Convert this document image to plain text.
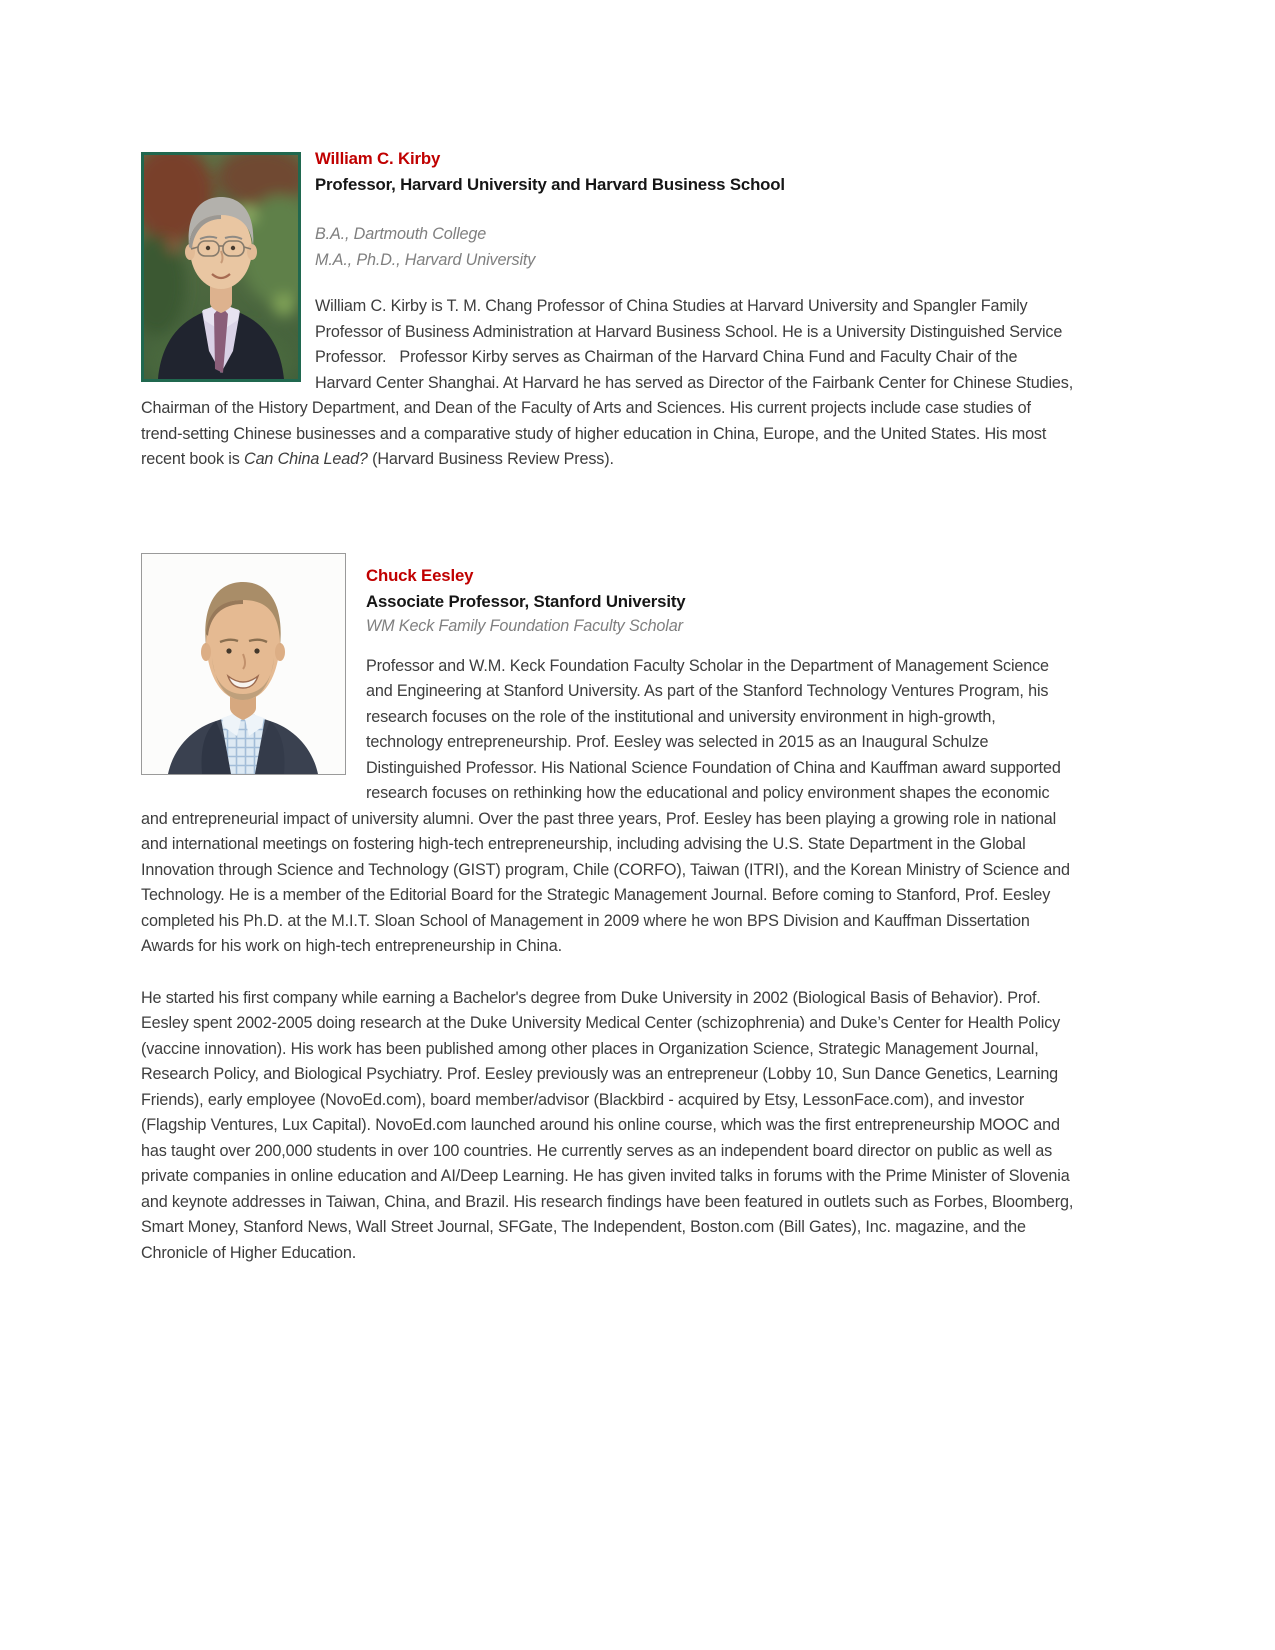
William C. Kirby
Professor, Harvard University and Harvard Business School
B.A., Dartmouth College
M.A., Ph.D., Harvard University

William C. Kirby is T. M. Chang Professor of China Studies at Harvard University and Spangler Family Professor of Business Administration at Harvard Business School. He is a University Distinguished Service Professor.   Professor Kirby serves as Chairman of the Harvard China Fund and Faculty Chair of the Harvard Center Shanghai. At Harvard he has served as Director of the Fairbank Center for Chinese Studies, Chairman of the History Department, and Dean of the Faculty of Arts and Sciences. His current projects include case studies of trend-setting Chinese businesses and a comparative study of higher education in China, Europe, and the United States. His most recent book is Can China Lead? (Harvard Business Review Press).

Chuck Eesley
Associate Professor, Stanford University
WM Keck Family Foundation Faculty Scholar

Professor and W.M. Keck Foundation Faculty Scholar in the Department of Management Science and Engineering at Stanford University. As part of the Stanford Technology Ventures Program, his research focuses on the role of the institutional and university environment in high-growth, technology entrepreneurship. Prof. Eesley was selected in 2015 as an Inaugural Schulze Distinguished Professor. His National Science Foundation of China and Kauffman award supported research focuses on rethinking how the educational and policy environment shapes the economic and entrepreneurial impact of university alumni. Over the past three years, Prof. Eesley has been playing a growing role in national and international meetings on fostering high-tech entrepreneurship, including advising the U.S. State Department in the Global Innovation through Science and Technology (GIST) program, Chile (CORFO), Taiwan (ITRI), and the Korean Ministry of Science and Technology. He is a member of the Editorial Board for the Strategic Management Journal. Before coming to Stanford, Prof. Eesley completed his Ph.D. at the M.I.T. Sloan School of Management in 2009 where he won BPS Division and Kauffman Dissertation Awards for his work on high-tech entrepreneurship in China.

He started his first company while earning a Bachelor's degree from Duke University in 2002 (Biological Basis of Behavior). Prof. Eesley spent 2002-2005 doing research at the Duke University Medical Center (schizophrenia) and Duke’s Center for Health Policy (vaccine innovation). His work has been published among other places in Organization Science, Strategic Management Journal, Research Policy, and Biological Psychiatry. Prof. Eesley previously was an entrepreneur (Lobby 10, Sun Dance Genetics, Learning Friends), early employee (NovoEd.com), board member/advisor (Blackbird - acquired by Etsy, LessonFace.com), and investor (Flagship Ventures, Lux Capital). NovoEd.com launched around his online course, which was the first entrepreneurship MOOC and has taught over 200,000 students in over 100 countries. He currently serves as an independent board director on public as well as private companies in online education and AI/Deep Learning. He has given invited talks in forums with the Prime Minister of Slovenia and keynote addresses in Taiwan, China, and Brazil. His research findings have been featured in outlets such as Forbes, Bloomberg, Smart Money, Stanford News, Wall Street Journal, SFGate, The Independent, Boston.com (Bill Gates), Inc. magazine, and the Chronicle of Higher Education.
